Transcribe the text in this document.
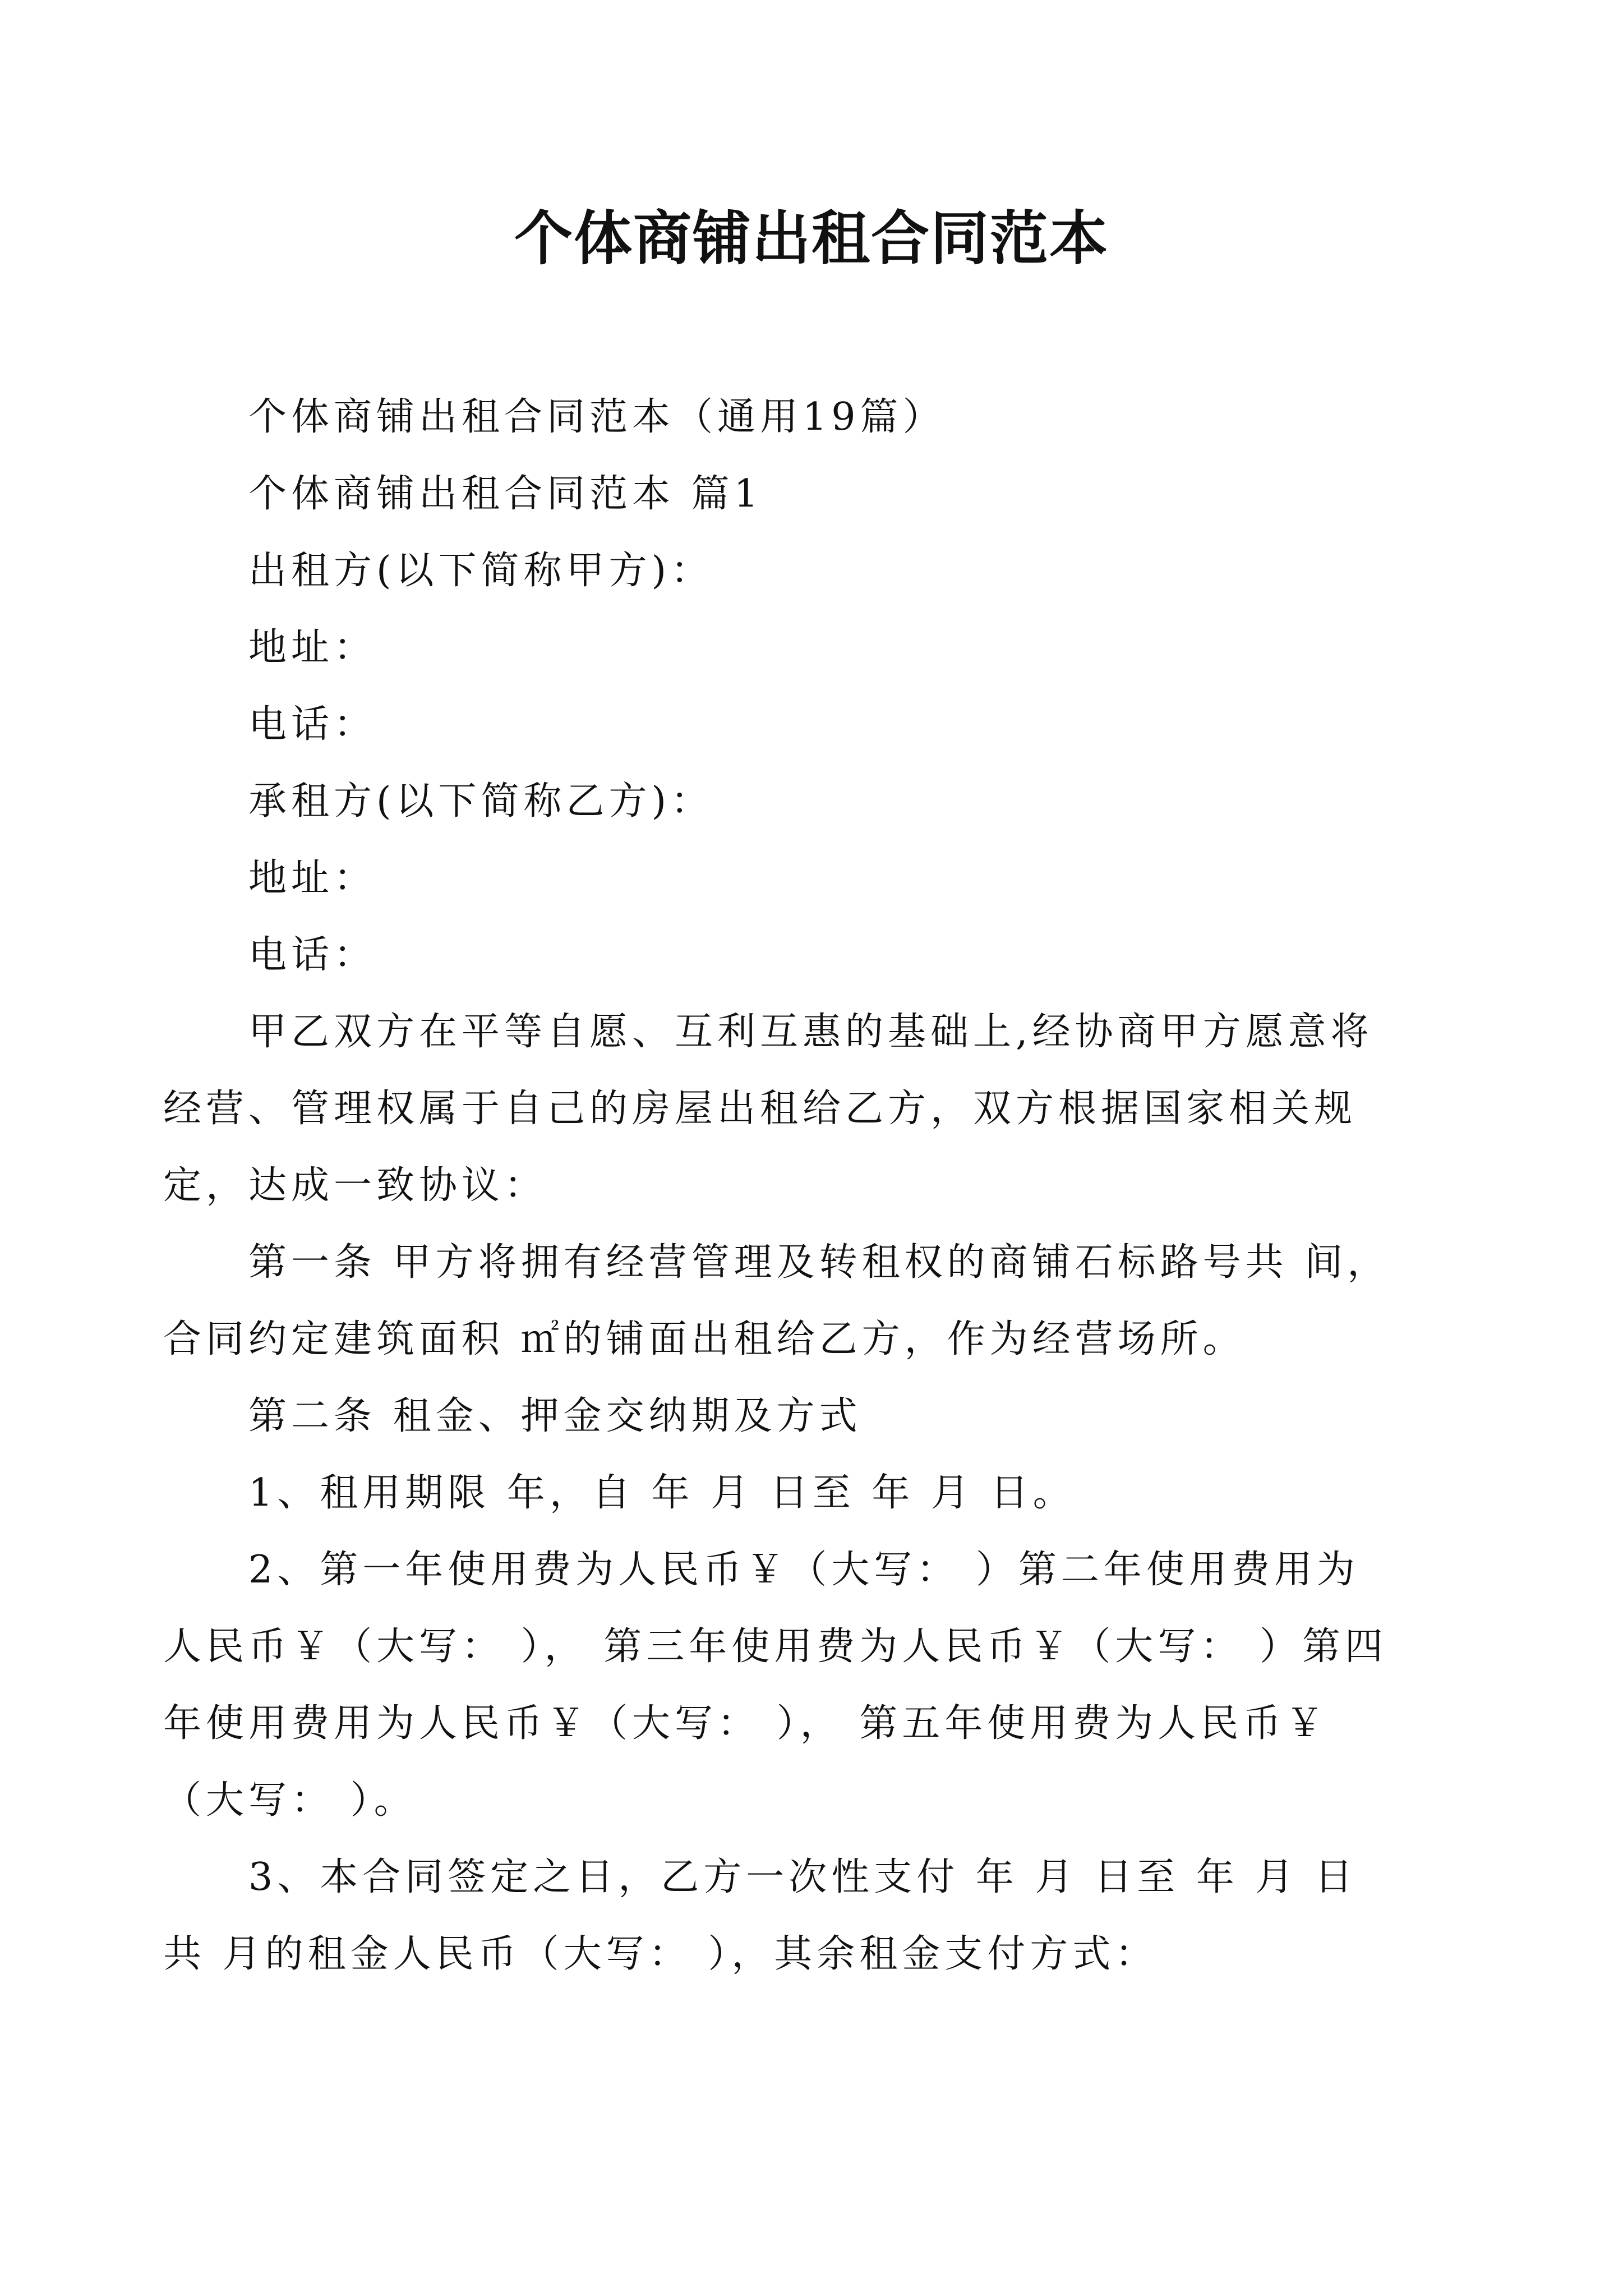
个体商铺出租合同范本

个体商铺出租合同范本（通用19篇）

个体商铺出租合同范本 篇1

出租方(以下简称甲方)：

地址：

电话：

承租方(以下简称乙方)：

地址：

电话：

甲乙双方在平等自愿、互利互惠的基础上,经协商甲方愿意将经营、管理权属于自己的房屋出租给乙方，双方根据国家相关规定，达成一致协议：

第一条 甲方将拥有经营管理及转租权的商铺石标路号共 间，合同约定建筑面积 ㎡的铺面出租给乙方，作为经营场所。

第二条 租金、押金交纳期及方式

1、租用期限 年，自 年 月 日至 年 月 日。

2、第一年使用费为人民币￥（大写： ）第二年使用费用为人民币￥（大写： ）， 第三年使用费为人民币￥（大写： ）第四年使用费用为人民币￥（大写： ）， 第五年使用费为人民币￥（大写： ）。

3、本合同签定之日，乙方一次性支付 年 月 日至 年 月 日共 月的租金人民币（大写： ），其余租金支付方式：
